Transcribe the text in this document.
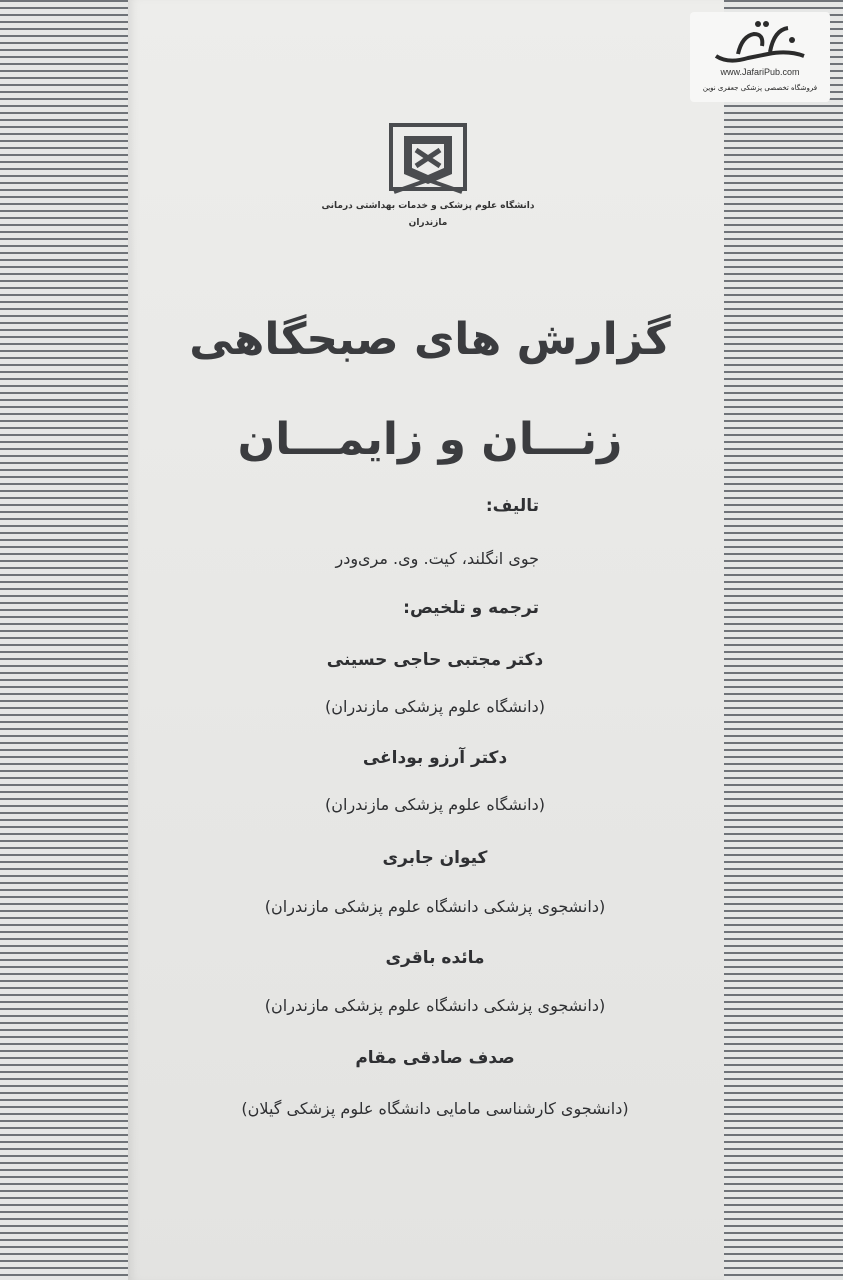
www.JafariPub.com
فروشگاه تخصصی پزشکی جعفری نوین
دانشگاه علوم پزشکی و خدمات بهداشتی درمانی
مازندران
گزارش های صبحگاهی
زنـــان و زایمـــان
تالیف:
جوی انگلند، کیت. وی. مری‌ودر
ترجمه و تلخیص:
دکتر مجتبی حاجی حسینی
(دانشگاه علوم پزشکی مازندران)
دکتر آرزو بوداغی
(دانشگاه علوم پزشکی مازندران)
کیوان جابری
(دانشجوی پزشکی دانشگاه علوم پزشکی مازندران)
مائده باقری
(دانشجوی پزشکی دانشگاه علوم پزشکی مازندران)
صدف صادقی مقام
(دانشجوی کارشناسی مامایی دانشگاه علوم پزشکی گیلان)
